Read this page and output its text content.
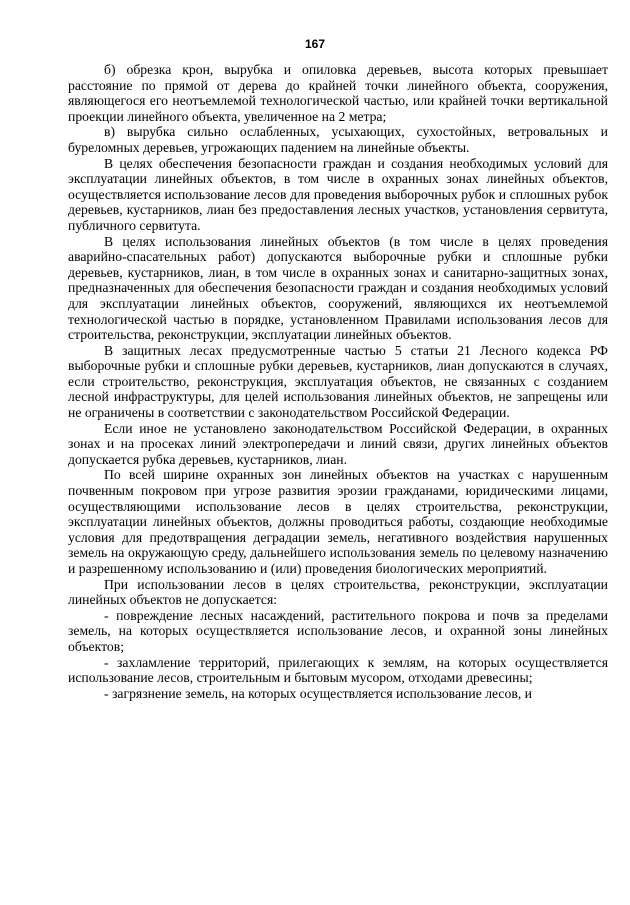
167

б) обрезка крон, вырубка и опиловка деревьев, высота которых превышает расстояние по прямой от дерева до крайней точки линейного объекта, сооружения, являющегося его неотъемлемой технологической частью, или крайней точки вертикальной проекции линейного объекта, увеличенное на 2 метра;

в) вырубка сильно ослабленных, усыхающих, сухостойных, ветровальных и буреломных деревьев, угрожающих падением на линейные объекты.

В целях обеспечения безопасности граждан и создания необходимых условий для эксплуатации линейных объектов, в том числе в охранных зонах линейных объектов, осуществляется использование лесов для проведения выборочных рубок и сплошных рубок деревьев, кустарников, лиан без предоставления лесных участков, установления сервитута, публичного сервитута.

В целях использования линейных объектов (в том числе в целях проведения аварийно-спасательных работ) допускаются выборочные рубки и сплошные рубки деревьев, кустарников, лиан, в том числе в охранных зонах и санитарно-защитных зонах, предназначенных для обеспечения безопасности граждан и создания необходимых условий для эксплуатации линейных объектов, сооружений, являющихся их неотъемлемой технологической частью в порядке, установленном Правилами использования лесов для строительства, реконструкции, эксплуатации линейных объектов.

В защитных лесах предусмотренные частью 5 статьи 21 Лесного кодекса РФ выборочные рубки и сплошные рубки деревьев, кустарников, лиан допускаются в случаях, если строительство, реконструкция, эксплуатация объектов, не связанных с созданием лесной инфраструктуры, для целей использования линейных объектов, не запрещены или не ограничены в соответствии с законодательством Российской Федерации.

Если иное не установлено законодательством Российской Федерации, в охранных зонах и на просеках линий электропередачи и линий связи, других линейных объектов допускается рубка деревьев, кустарников, лиан.

По всей ширине охранных зон линейных объектов на участках с нарушенным почвенным покровом при угрозе развития эрозии гражданами, юридическими лицами, осуществляющими использование лесов в целях строительства, реконструкции, эксплуатации линейных объектов, должны проводиться работы, создающие необходимые условия для предотвращения деградации земель, негативного воздействия нарушенных земель на окружающую среду, дальнейшего использования земель по целевому назначению и разрешенному использованию и (или) проведения биологических мероприятий.

При использовании лесов в целях строительства, реконструкции, эксплуатации линейных объектов не допускается:

- повреждение лесных насаждений, растительного покрова и почв за пределами земель, на которых осуществляется использование лесов, и охранной зоны линейных объектов;

- захламление территорий, прилегающих к землям, на которых осуществляется использование лесов, строительным и бытовым мусором, отходами древесины;

- загрязнение земель, на которых осуществляется использование лесов, и
